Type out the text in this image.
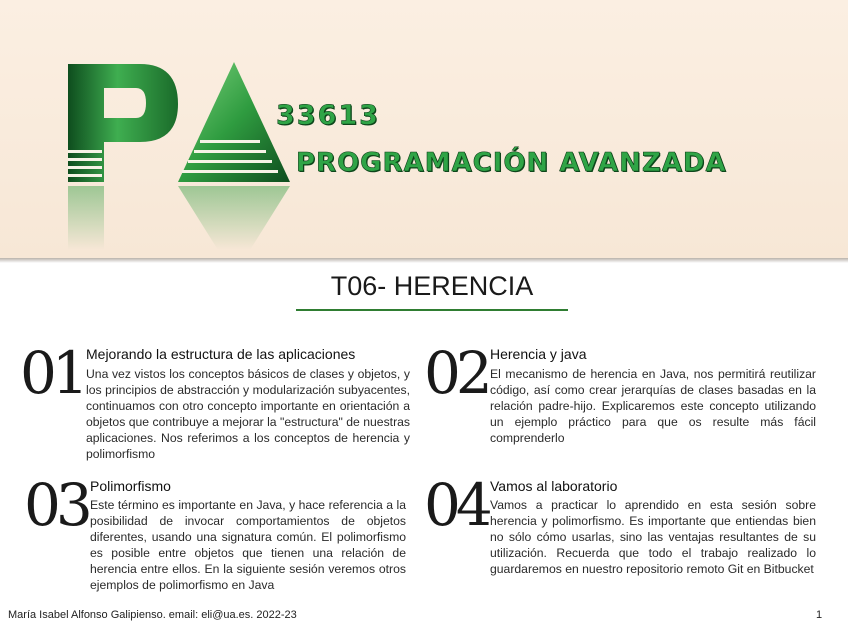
33613
PROGRAMACIÓN AVANZADA
T06- HERENCIA
01 Mejorando la estructura de las aplicaciones
Una vez vistos los conceptos básicos de clases y objetos, y los principios de abstracción y modularización subyacentes, continuamos con otro concepto importante en orientación a objetos que contribuye a mejorar la "estructura" de nuestras aplicaciones. Nos referimos a los conceptos de herencia y polimorfismo
02 Herencia y java
El mecanismo de herencia en Java, nos permitirá reutilizar código, así como crear jerarquías de clases basadas en la relación padre-hijo. Explicaremos este concepto utilizando un ejemplo práctico para que os resulte más fácil comprenderlo
03 Polimorfismo
Este término es importante en Java, y hace referencia a la posibilidad de invocar comportamientos de objetos diferentes, usando una signatura común. El polimorfismo es posible entre objetos que tienen una relación de herencia entre ellos. En la siguiente sesión veremos otros ejemplos de polimorfismo en Java
04 Vamos al laboratorio
Vamos a practicar lo aprendido en esta sesión sobre herencia y polimorfismo. Es importante que entiendas bien no sólo cómo usarlas, sino las ventajas resultantes de su utilización. Recuerda que todo el trabajo realizado lo guardaremos en nuestro repositorio remoto Git en Bitbucket
María Isabel Alfonso Galipienso. email: eli@ua.es. 2022-23	1
